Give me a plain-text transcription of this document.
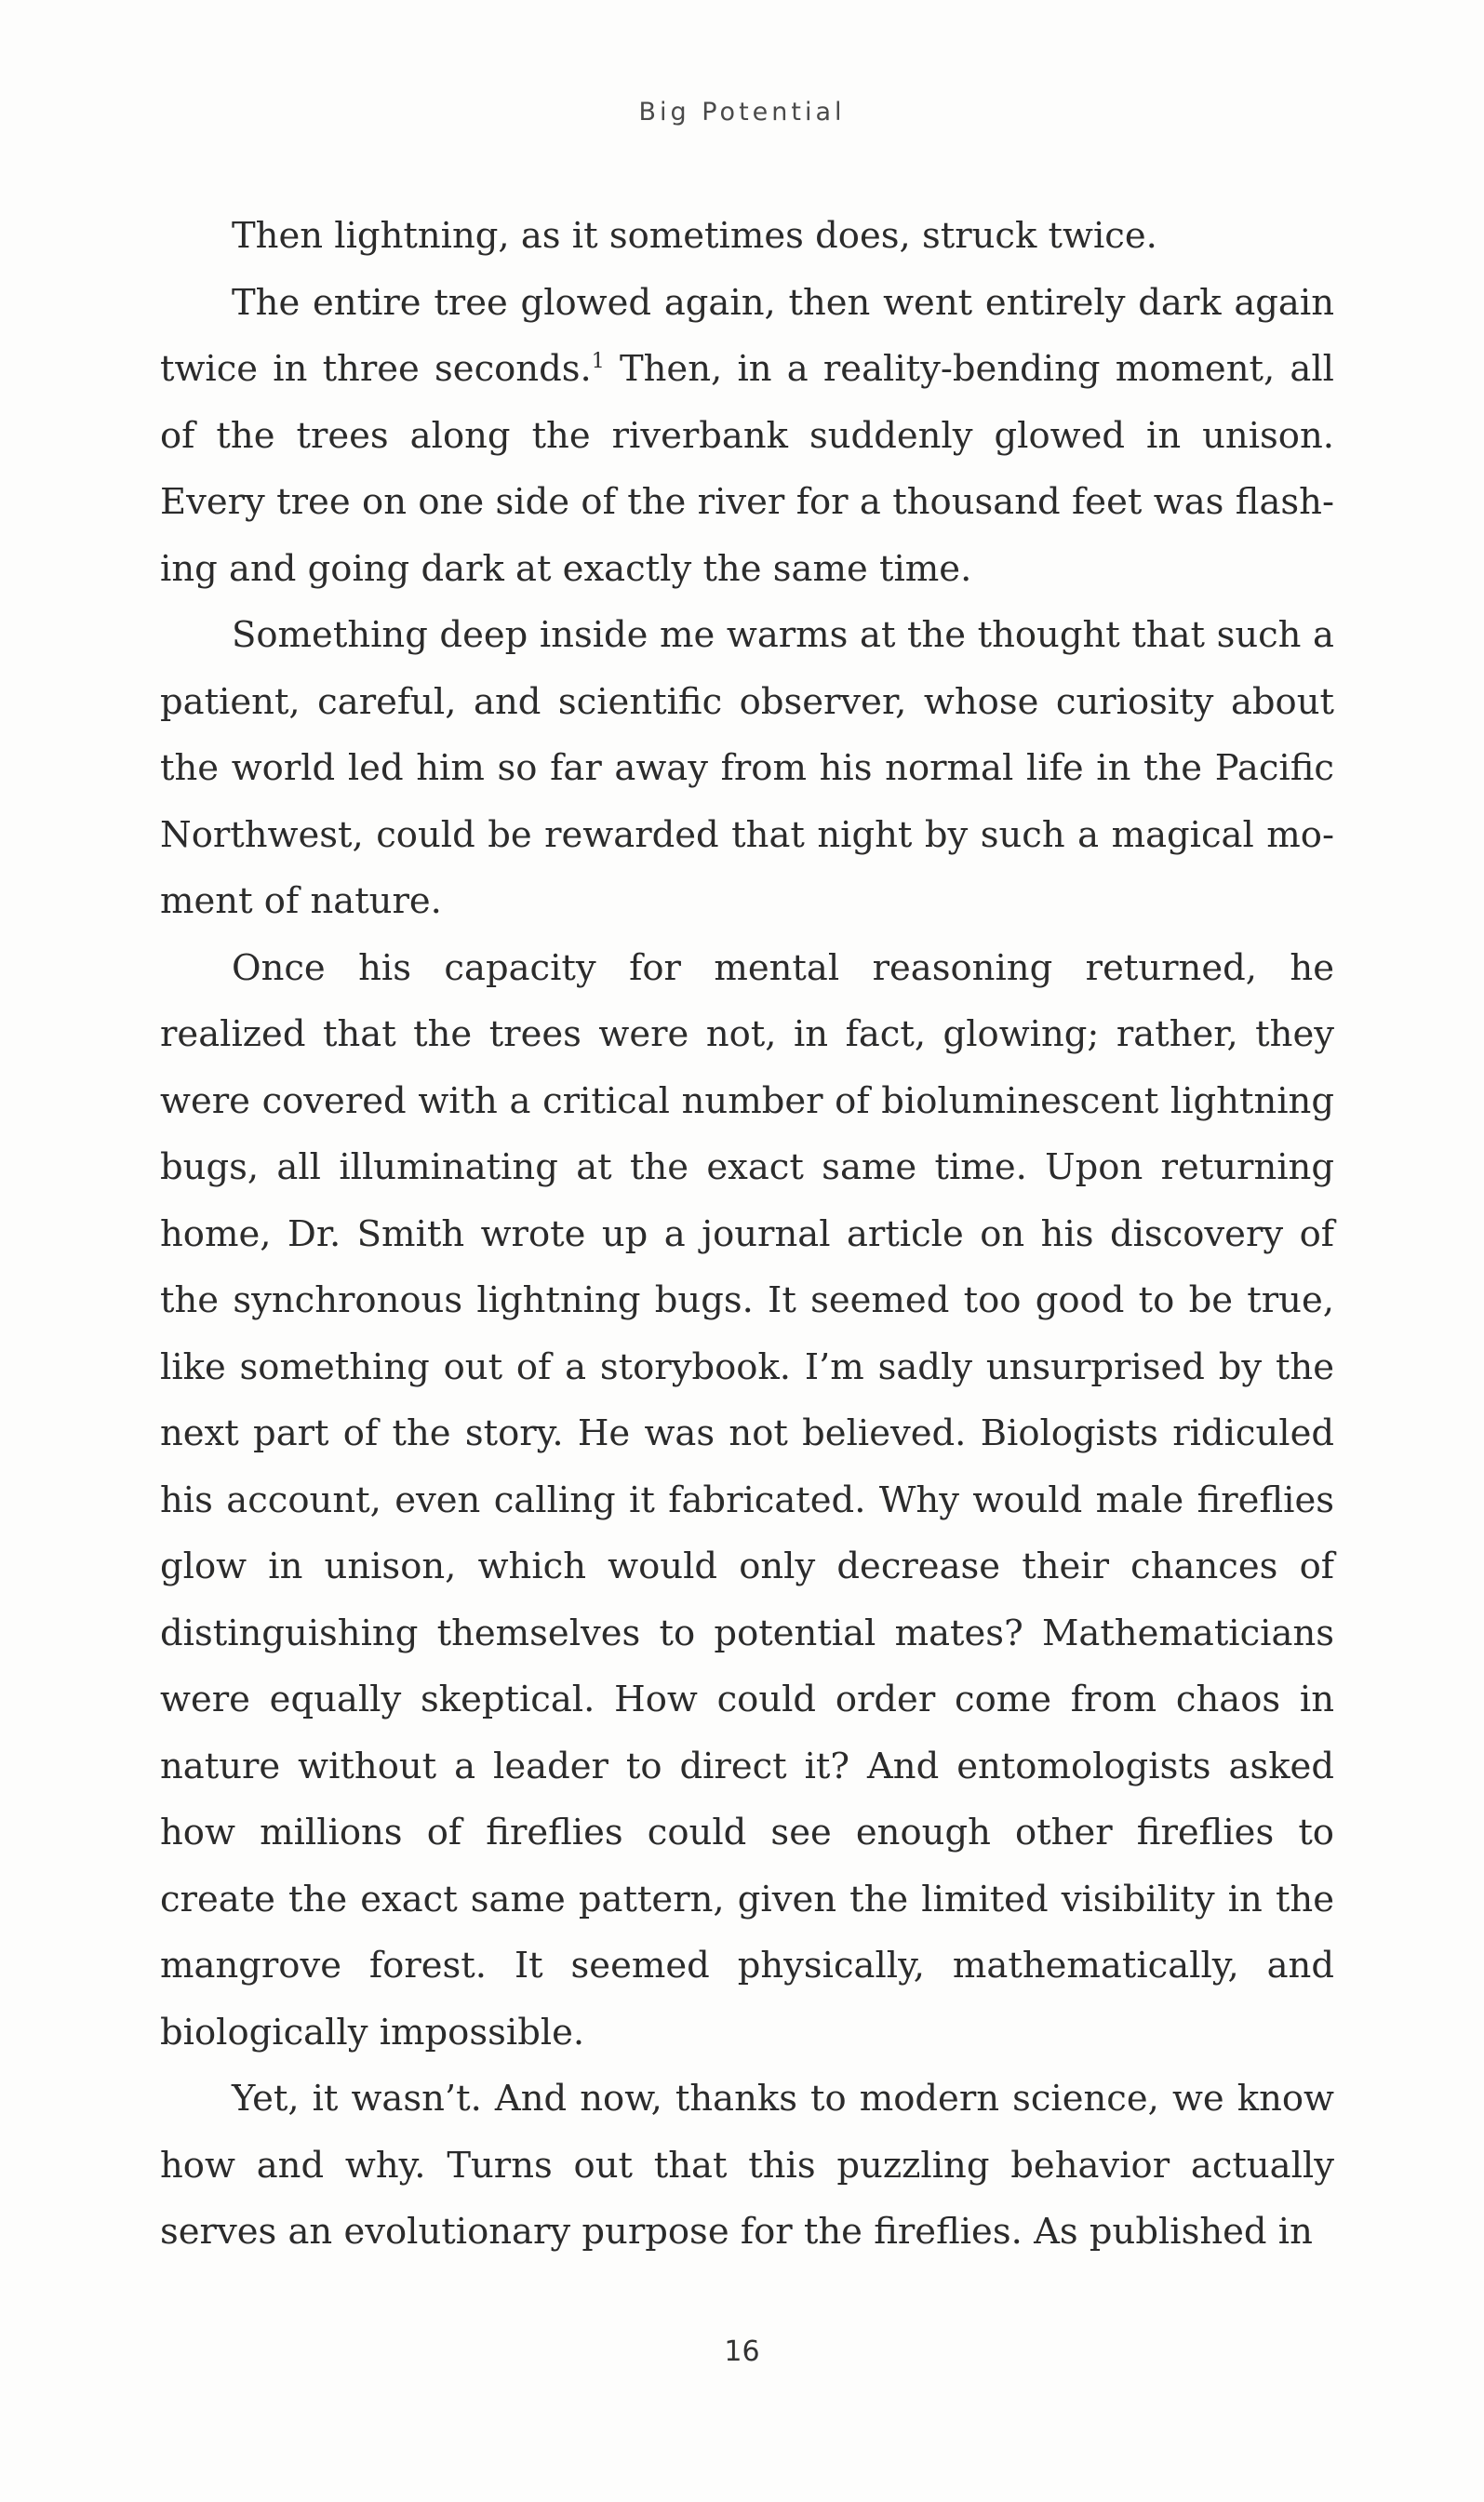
Big Potential

Then lightning, as it sometimes does, struck twice.

The entire tree glowed again, then went entirely dark again twice in three seconds.$^1$ Then, in a reality-bending moment, all of the trees along the riverbank suddenly glowed in unison. Every tree on one side of the river for a thousand feet was flashing and going dark at exactly the same time.

Something deep inside me warms at the thought that such a patient, careful, and scientific observer, whose curiosity about the world led him so far away from his normal life in the Pacific Northwest, could be rewarded that night by such a magical moment of nature.

Once his capacity for mental reasoning returned, he realized that the trees were not, in fact, glowing; rather, they were covered with a critical number of bioluminescent lightning bugs, all illuminating at the exact same time. Upon returning home, Dr. Smith wrote up a journal article on his discovery of the synchronous lightning bugs. It seemed too good to be true, like something out of a storybook. I’m sadly unsurprised by the next part of the story. He was not believed. Biologists ridiculed his account, even calling it fabricated. Why would male fireflies glow in unison, which would only decrease their chances of distinguishing themselves to potential mates? Mathematicians were equally skeptical. How could order come from chaos in nature without a leader to direct it? And entomologists asked how millions of fireflies could see enough other fireflies to create the exact same pattern, given the limited visibility in the mangrove forest. It seemed physically, mathematically, and biologically impossible.

Yet, it wasn’t. And now, thanks to modern science, we know how and why. Turns out that this puzzling behavior actually serves an evolutionary purpose for the fireflies. As published in

16
